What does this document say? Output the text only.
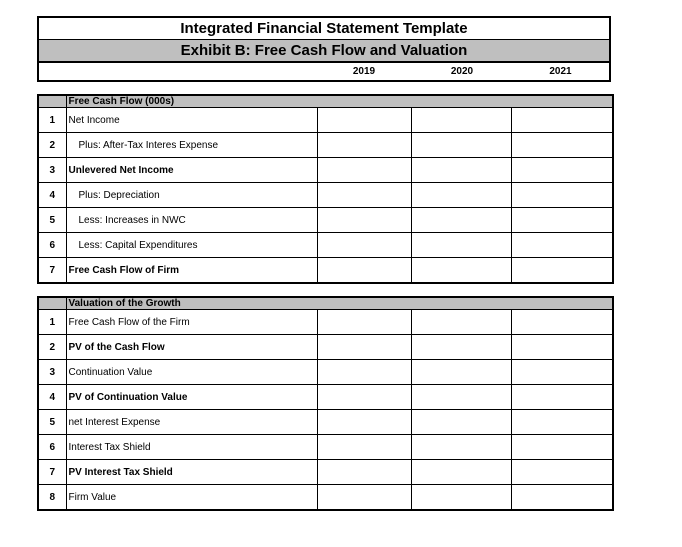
Integrated Financial Statement Template
Exhibit B: Free Cash Flow and Valuation
2019	2020	2021
	Free Cash Flow (000s)			
1	Net Income			
2	Plus: After-Tax Interes Expense			
3	Unlevered Net Income			
4	Plus: Depreciation			
5	Less: Increases in NWC			
6	Less: Capital Expenditures			
7	Free Cash Flow of Firm			
	Valuation of the Growth			
1	Free Cash Flow of the Firm			
2	PV of the Cash Flow			
3	Continuation Value			
4	PV of Continuation Value			
5	net Interest Expense			
6	Interest Tax Shield			
7	PV Interest Tax Shield			
8	Firm Value			
